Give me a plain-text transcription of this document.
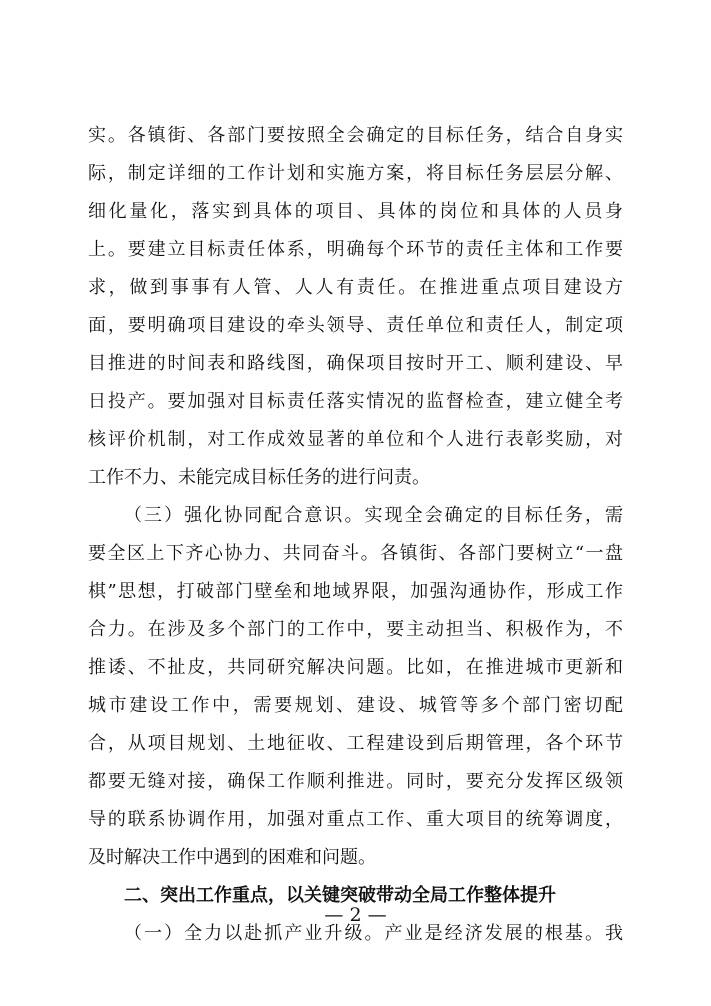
实。各镇街、各部门要按照全会确定的目标任务，结合自身实
际，制定详细的工作计划和实施方案，将目标任务层层分解、
细化量化，落实到具体的项目、具体的岗位和具体的人员身
上。要建立目标责任体系，明确每个环节的责任主体和工作要
求，做到事事有人管、人人有责任。在推进重点项目建设方
面，要明确项目建设的牵头领导、责任单位和责任人，制定项
目推进的时间表和路线图，确保项目按时开工、顺利建设、早
日投产。要加强对目标责任落实情况的监督检查，建立健全考
核评价机制，对工作成效显著的单位和个人进行表彰奖励，对
工作不力、未能完成目标任务的进行问责。
（三）强化协同配合意识。实现全会确定的目标任务，需
要全区上下齐心协力、共同奋斗。各镇街、各部门要树立“一盘
棋”思想，打破部门壁垒和地域界限，加强沟通协作，形成工作
合力。在涉及多个部门的工作中，要主动担当、积极作为，不
推诿、不扯皮，共同研究解决问题。比如，在推进城市更新和
城市建设工作中，需要规划、建设、城管等多个部门密切配
合，从项目规划、土地征收、工程建设到后期管理，各个环节
都要无缝对接，确保工作顺利推进。同时，要充分发挥区级领
导的联系协调作用，加强对重点工作、重大项目的统筹调度，
及时解决工作中遇到的困难和问题。
— 2 —
二、突出工作重点，以关键突破带动全局工作整体提升
（一）全力以赴抓产业升级。产业是经济发展的根基。我
